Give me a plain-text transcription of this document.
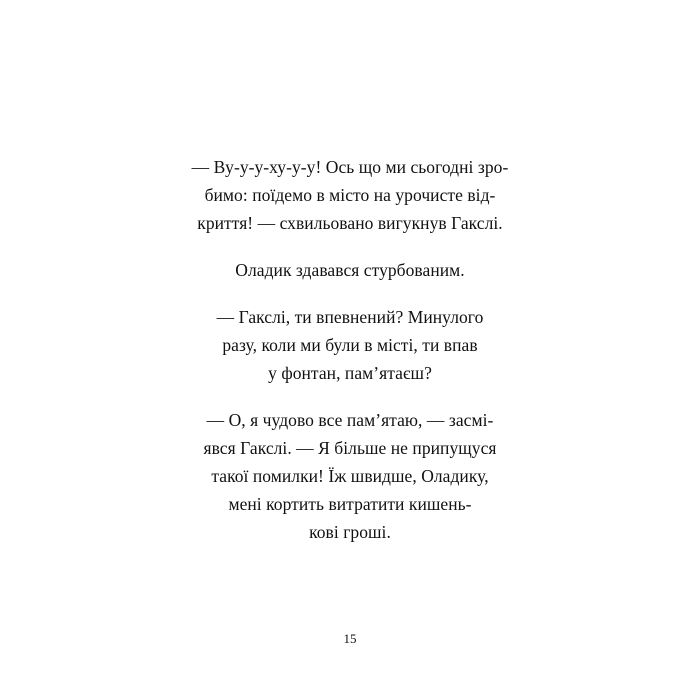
— Ву-у-у-ху-у-у! Ось що ми сьогодні зро-
бимо: поїдемо в місто на урочисте від-
криття! — схвильовано вигукнув Гакслі.

Оладик здавався стурбованим.

— Гакслі, ти впевнений? Минулого
разу, коли ми були в місті, ти впав
у фонтан, пам’ятаєш?

— О, я чудово все пам’ятаю, — засмі-
явся Гакслі. — Я більше не припущуся
такої помилки! Їж швидше, Оладику,
мені кортить витратити кишень-
кові гроші.

15
